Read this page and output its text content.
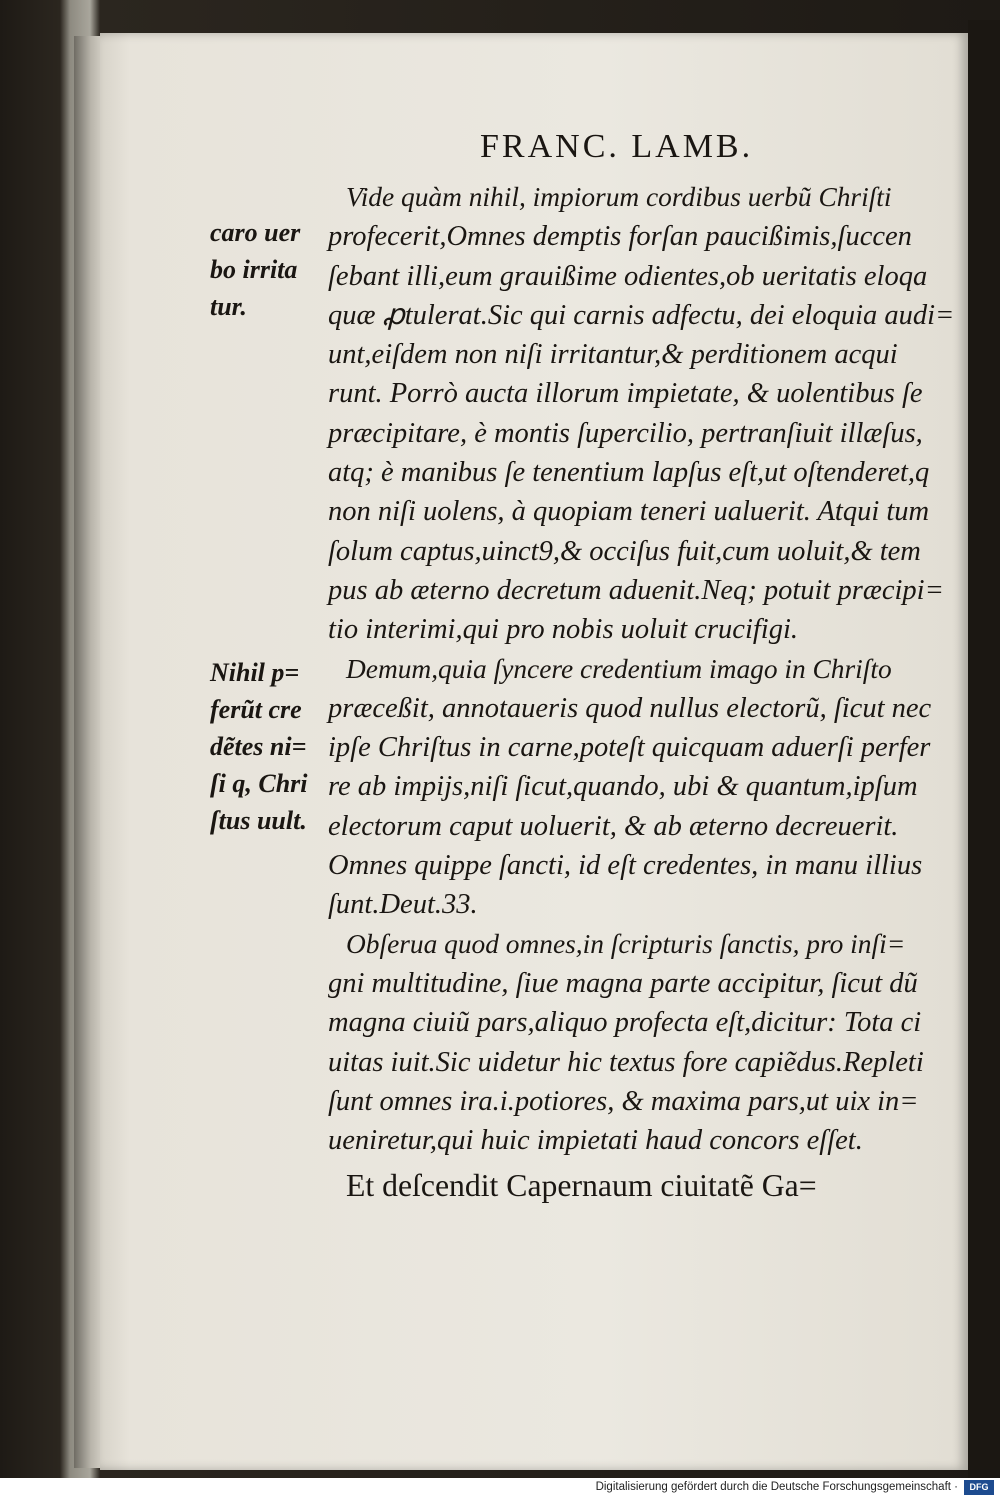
FRANC. LAMB.
caro uer
bo irrita
tur.
Nihil p=
ferũt cre
dẽtes ni=
ſi q, Chri
ſtus uult.
Vide quàm nihil, impiorum cordibus uerbũ Chriſti
profecerit,Omnes demptis forſan paucißimis,ſuccen
ſebant illi,eum grauißime odientes,ob ueritatis eloqa
quæ ꝓtulerat.Sic qui carnis adfectu, dei eloquia audi=
unt,eiſdem non niſi irritantur,& perditionem acqui
runt. Porrò aucta illorum impietate, & uolentibus ſe
præcipitare, è montis ſupercilio, pertranſiuit illæſus,
atq; è manibus ſe tenentium lapſus eſt,ut oſtenderet,q
non niſi uolens, à quopiam teneri ualuerit. Atqui tum
ſolum captus,uinct9,& occiſus fuit,cum uoluit,& tem
pus ab æterno decretum aduenit.Neq; potuit præcipi=
tio interimi,qui pro nobis uoluit crucifigi.
Demum,quia ſyncere credentium imago in Chriſto
præceßit, annotaueris quod nullus electorũ, ſicut nec
ipſe Chriſtus in carne,poteſt quicquam aduerſi perfer
re ab impijs,niſi ſicut,quando, ubi & quantum,ipſum
electorum caput uoluerit, & ab æterno decreuerit.
Omnes quippe ſancti, id eſt credentes, in manu illius
ſunt.Deut.33.
Obſerua quod omnes,in ſcripturis ſanctis, pro inſi=
gni multitudine, ſiue magna parte accipitur, ſicut dũ
magna ciuiũ pars,aliquo profecta eſt,dicitur: Tota ci
uitas iuit.Sic uidetur hic textus fore capiẽdus.Repleti
ſunt omnes ira.i.potiores, & maxima pars,ut uix in=
ueniretur,qui huic impietati haud concors eſſet.
Et deſcendit Capernaum ciuitatẽ Ga=
Digitalisierung gefördert durch die Deutsche Forschungsgemeinschaft ·	DFG
